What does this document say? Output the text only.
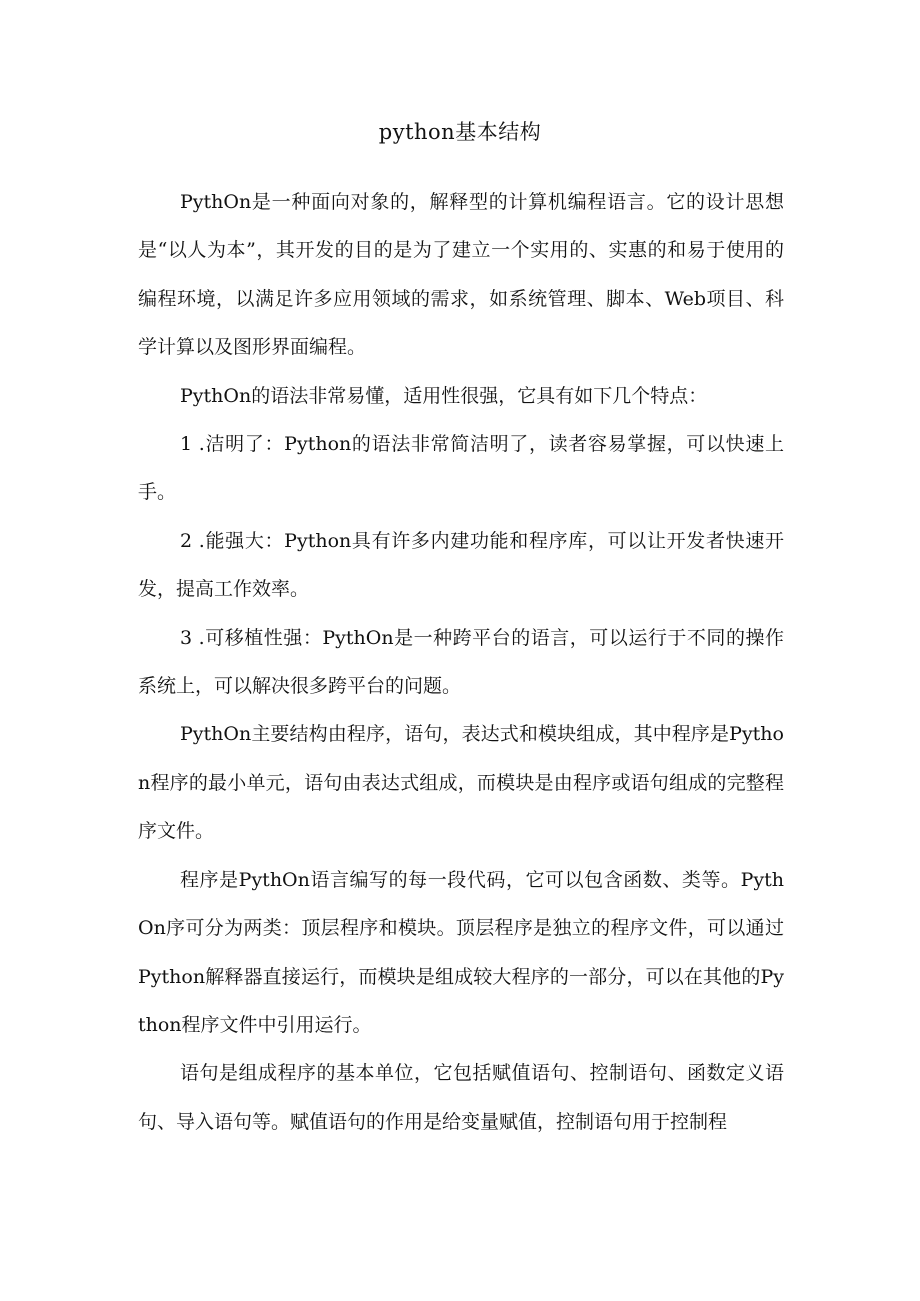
python基本结构

PythOn是一种面向对象的，解释型的计算机编程语言。它的设计思想是“以人为本”，其开发的目的是为了建立一个实用的、实惠的和易于使用的编程环境，以满足许多应用领域的需求，如系统管理、脚本、Web项目、科学计算以及图形界面编程。

PythOn的语法非常易懂，适用性很强，它具有如下几个特点：

1 .洁明了：Python的语法非常简洁明了，读者容易掌握，可以快速上手。

2 .能强大：Python具有许多内建功能和程序库，可以让开发者快速开发，提高工作效率。

3 .可移植性强：PythOn是一种跨平台的语言，可以运行于不同的操作系统上，可以解决很多跨平台的问题。

PythOn主要结构由程序，语句，表达式和模块组成，其中程序是Python程序的最小单元，语句由表达式组成，而模块是由程序或语句组成的完整程序文件。

程序是PythOn语言编写的每一段代码，它可以包含函数、类等。PythOn序可分为两类：顶层程序和模块。顶层程序是独立的程序文件，可以通过Python解释器直接运行，而模块是组成较大程序的一部分，可以在其他的Python程序文件中引用运行。

语句是组成程序的基本单位，它包括赋值语句、控制语句、函数定义语句、导入语句等。赋值语句的作用是给变量赋值，控制语句用于控制程
